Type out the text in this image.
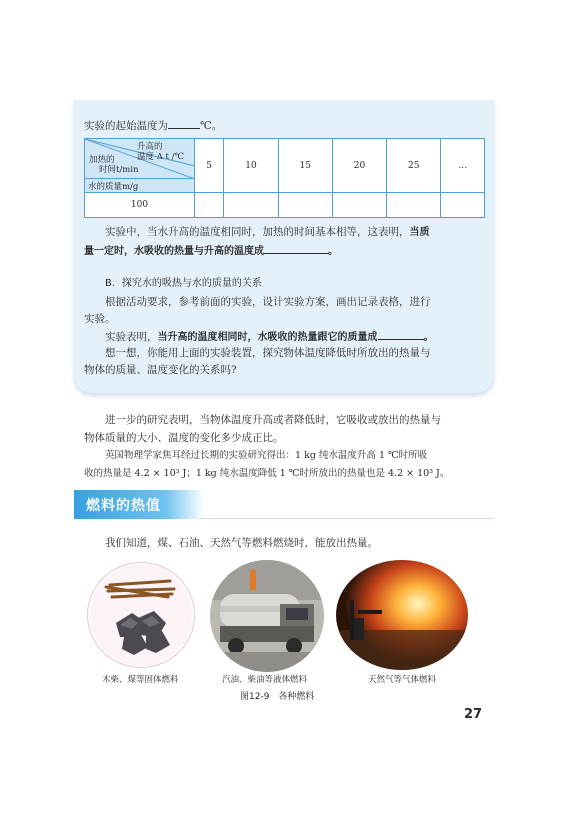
实验的起始温度为	℃。
升高的
温度 Δ t /℃
加热的
时间t/min	5	10	15	20	25	…
水的质量m/g						
100						
实验中，当水升高的温度相同时，加热的时间基本相等，这表明，当质
量一定时，水吸收的热量与升高的温度成	。
B．探究水的吸热与水的质量的关系
根据活动要求，参考前面的实验，设计实验方案，画出记录表格，进行
实验。
实验表明，当升高的温度相同时，水吸收的热量跟它的质量成	。
想一想，你能用上面的实验装置，探究物体温度降低时所放出的热量与
物体的质量、温度变化的关系吗?
进一步的研究表明，当物体温度升高或者降低时，它吸收或放出的热量与
物体质量的大小、温度的变化多少成正比。
英国物理学家焦耳经过长期的实验研究得出：1 kg 纯水温度升高 1 ℃时所吸
收的热量是 4.2 × 10³ J；1 kg 纯水温度降低 1 ℃时所放出的热量也是 4.2 × 10³ J。
燃料的热值
我们知道，煤、石油、天然气等燃料燃烧时，能放出热量。
木柴、煤等固体燃料	汽油、柴油等液体燃料	天然气等气体燃料
图12-9　各种燃料
27
